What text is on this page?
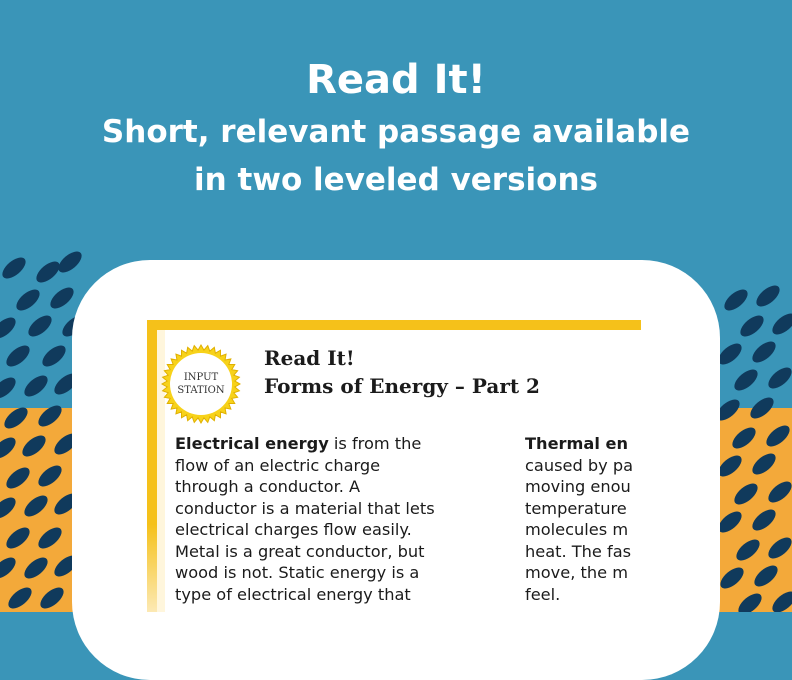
Read It!
Short, relevant passage available
in two leveled versions
INPUT
STATION
Read It!
Forms of Energy – Part 2
Electrical energy is from the
flow of an electric charge
through a conductor. A
conductor is a material that lets
electrical charges flow easily.
Metal is a great conductor, but
wood is not. Static energy is a
type of electrical energy that
Thermal en
caused by pa
moving enou
temperature
molecules m
heat. The fas
move, the m
feel.
